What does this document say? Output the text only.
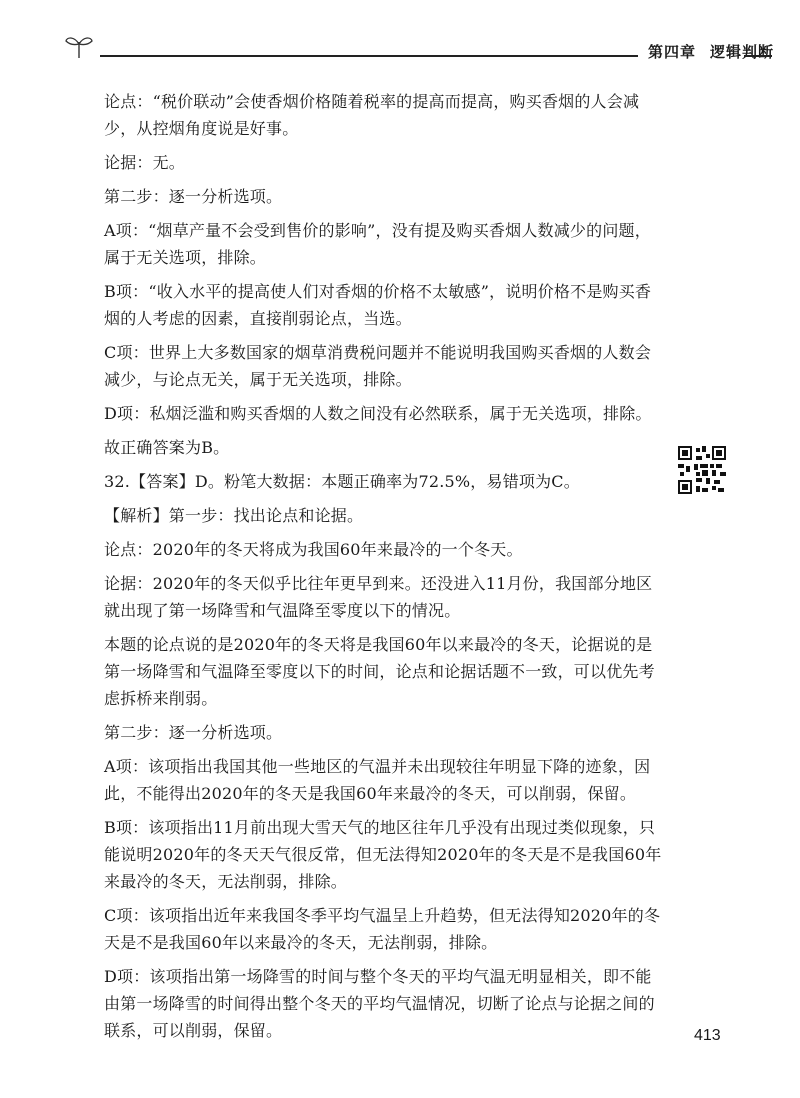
第四章 逻辑判断

论点：“税价联动”会使香烟价格随着税率的提高而提高，购买香烟的人会减少，从控烟角度说是好事。

论据：无。

第二步：逐一分析选项。

A项：“烟草产量不会受到售价的影响”，没有提及购买香烟人数减少的问题，属于无关选项，排除。

B项：“收入水平的提高使人们对香烟的价格不太敏感”，说明价格不是购买香烟的人考虑的因素，直接削弱论点，当选。

C项：世界上大多数国家的烟草消费税问题并不能说明我国购买香烟的人数会减少，与论点无关，属于无关选项，排除。

D项：私烟泛滥和购买香烟的人数之间没有必然联系，属于无关选项，排除。

故正确答案为B。

32.【答案】D。粉笔大数据：本题正确率为72.5%，易错项为C。

【解析】第一步：找出论点和论据。

论点：2020年的冬天将成为我国60年来最冷的一个冬天。

论据：2020年的冬天似乎比往年更早到来。还没进入11月份，我国部分地区就出现了第一场降雪和气温降至零度以下的情况。

本题的论点说的是2020年的冬天将是我国60年以来最冷的冬天，论据说的是第一场降雪和气温降至零度以下的时间，论点和论据话题不一致，可以优先考虑拆桥来削弱。

第二步：逐一分析选项。

A项：该项指出我国其他一些地区的气温并未出现较往年明显下降的迹象，因此，不能得出2020年的冬天是我国60年来最冷的冬天，可以削弱，保留。

B项：该项指出11月前出现大雪天气的地区往年几乎没有出现过类似现象，只能说明2020年的冬天天气很反常，但无法得知2020年的冬天是不是我国60年来最冷的冬天，无法削弱，排除。

C项：该项指出近年来我国冬季平均气温呈上升趋势，但无法得知2020年的冬天是不是我国60年以来最冷的冬天，无法削弱，排除。

D项：该项指出第一场降雪的时间与整个冬天的平均气温无明显相关，即不能由第一场降雪的时间得出整个冬天的平均气温情况，切断了论点与论据之间的联系，可以削弱，保留。	413
